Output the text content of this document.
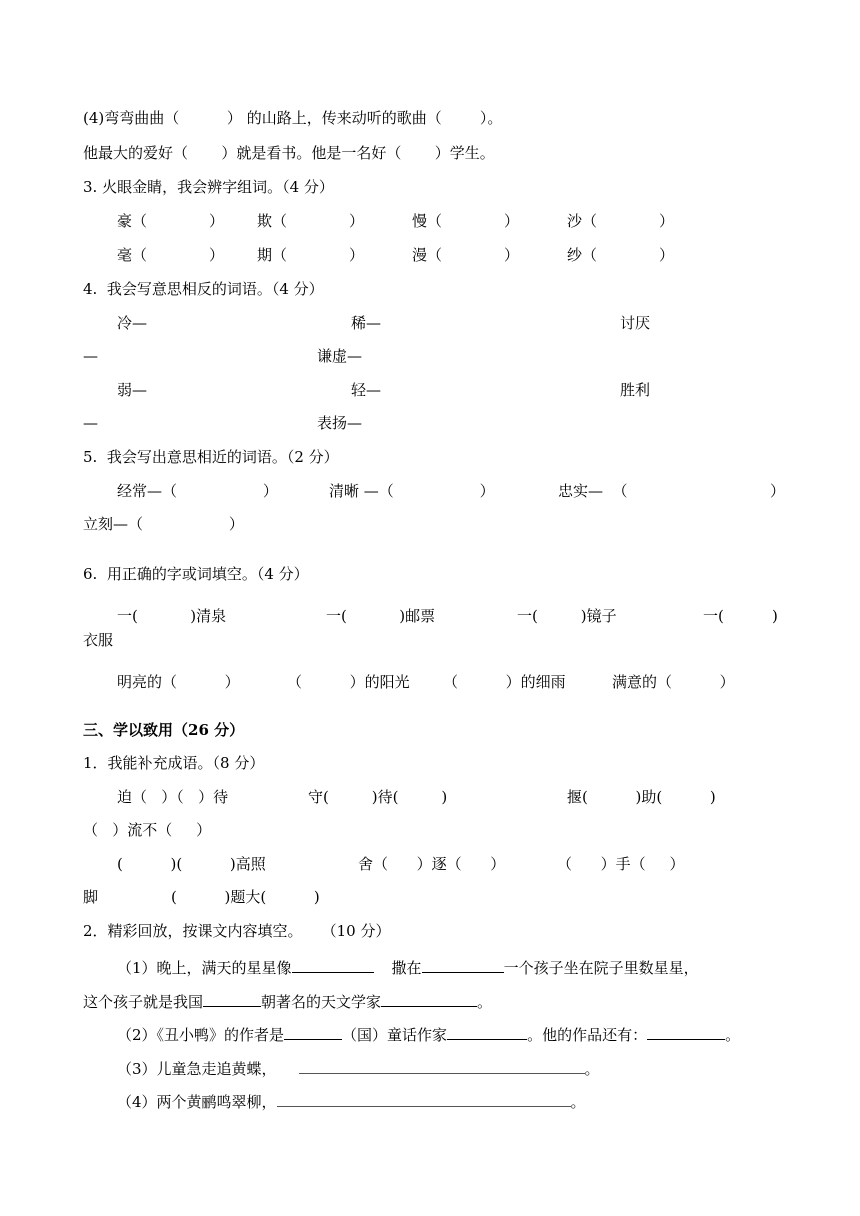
(4)弯弯曲曲（          ） 的山路上，传来动听的歌曲（        ）。
他最大的爱好（       ）就是看书。他是一名好（       ）学生。
3. 火眼金睛，我会辨字组词。（4 分）
豪（             ） 欺（             ）	慢（             ）	沙（             ）
毫（             ） 期（             ）	漫（             ）	纱（             ）
4.  我会写意思相反的词语。（4 分）
冷—	稀—	讨厌
—	谦虚—
弱—	轻—	胜利
—	表扬—
5.  我会写出意思相近的词语。（2 分）
经常—（                  ）	清晰 —（                  ）	忠实—  （	）
立刻—（                  ）
6.  用正确的字或词填空。（4 分）
一(           )清泉	一(           )邮票	一(         )镜子	一(	)
衣服
明亮的（          ）	（          ）的阳光 （          ）的细雨	满意的（          ）
三、学以致用（26 分）
1．我能补充成语。（8 分）
迫（   ）（   ）待	守(         )待(         )	揠(          )助(          )
（   ）流不（     ）
(          )(          )高照	舍（      ）逐（      ）	（      ）手（     ）
脚	(          )题大(          )
2．精彩回放，按课文内容填空。    （10 分）
（1）晚上，满天的星星像	撒在	一个孩子坐在院子里数星星，
这个孩子就是我国	朝著名的天文学家	。
（2）《丑小鸭》的作者是	（国）童话作家	。他的作品还有：	。
（3）儿童急走追黄蝶，	。
（4）两个黄鹂鸣翠柳，	。
